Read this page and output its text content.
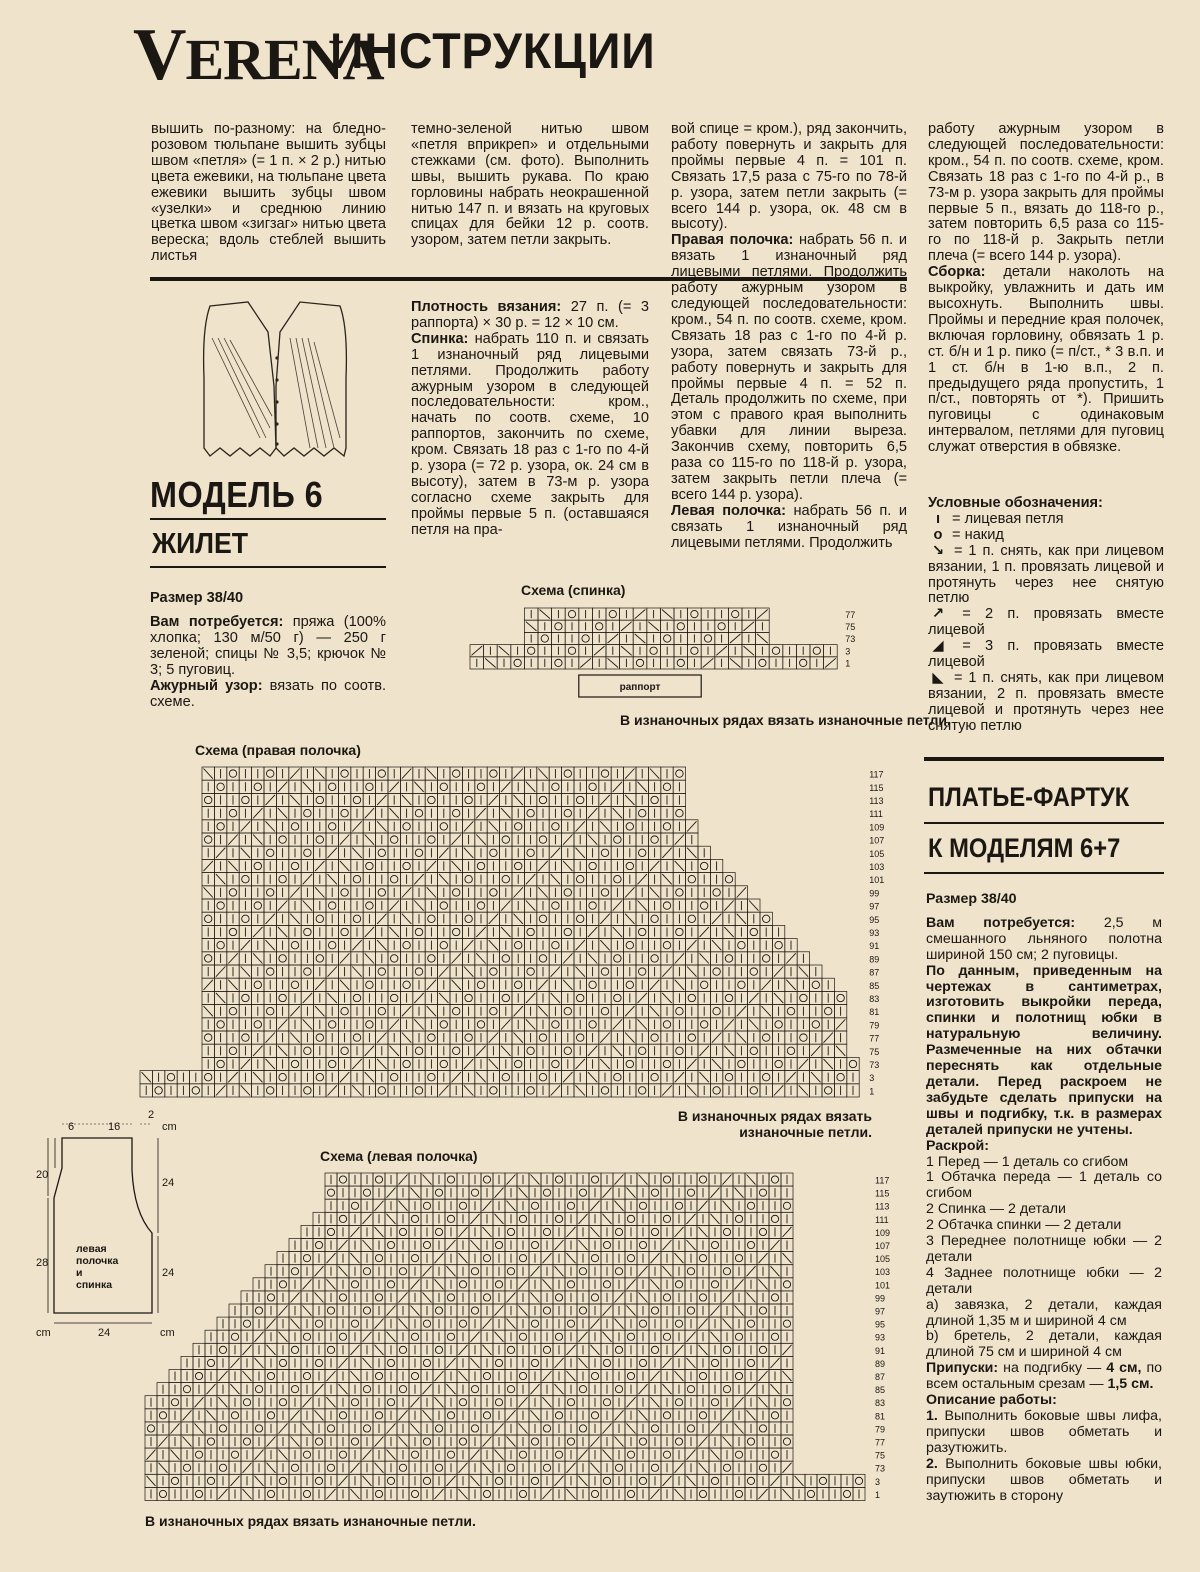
VERENA
ИНСТРУКЦИИ

вышить по-разному: на бледно-розовом тюльпане вышить зубцы швом «петля» (= 1 п. × 2 р.) нитью цвета ежевики, на тюльпане цвета ежевики вышить зубцы швом «узелки» и среднюю линию цветка швом «зигзаг» нитью цвета вереска; вдоль стеблей вышить листья

темно-зеленой нитью швом «петля вприкреп» и отдельными стежками (см. фото). Выполнить швы, вышить рукава. По краю горловины набрать неокрашенной нитью 147 п. и вязать на круговых спицах для бейки 12 р. соотв. узором, затем петли закрыть.

Плотность вязания: 27 п. (= 3 раппорта) × 30 р. = 12 × 10 см.

Спинка: набрать 110 п. и связать 1 изнаночный ряд лицевыми петлями. Продолжить работу ажурным узором в следующей последовательности: кром., начать по соотв. схеме, 10 раппортов, закончить по схеме, кром. Связать 18 раз с 1-го по 4-й р. узора (= 72 р. узора, ок. 24 см в высоту), затем в 73-м р. узора согласно схеме закрыть для проймы первые 5 п. (оставшаяся петля на пра-

вой спице = кром.), ряд закончить, работу повернуть и закрыть для проймы первые 4 п. = 101 п. Связать 17,5 раза с 75-го по 78-й р. узора, затем петли закрыть (= всего 144 р. узора, ок. 48 см в высоту).

Правая полочка: набрать 56 п. и вязать 1 изнаночный ряд лицевыми петлями. Продолжить работу ажурным узором в следующей последовательности: кром., 54 п. по соотв. схеме, кром. Связать 18 раз с 1-го по 4-й р. узора, затем связать 73-й р., работу повернуть и закрыть для проймы первые 4 п. = 52 п. Деталь продолжить по схеме, при этом с правого края выполнить убавки для линии выреза. Закончив схему, повторить 6,5 раза со 115-го по 118-й р. узора, затем закрыть петли плеча (= всего 144 р. узора).

Левая полочка: набрать 56 п. и связать 1 изнаночный ряд лицевыми петлями. Продолжить

работу ажурным узором в следующей последовательности: кром., 54 п. по соотв. схеме, кром. Связать 18 раз с 1-го по 4-й р., в 73-м р. узора закрыть для проймы первые 5 п., вязать до 118-го р., затем повторить 6,5 раза со 115-го по 118-й р. Закрыть петли плеча (= всего 144 р. узора).

Сборка: детали наколоть на выкройку, увлажнить и дать им высохнуть. Выполнить швы. Проймы и передние края полочек, включая горловину, обвязать 1 р. ст. б/н и 1 р. пико (= п/ст., * 3 в.п. и 1 ст. б/н в 1-ю в.п., 2 п. предыдущего ряда пропустить, 1 п/ст., повторять от *). Пришить пуговицы с одинаковым интервалом, петлями для пуговиц служат отверстия в обвязке.

Условные обозначения:

ı = лицевая петля

o = накид

↘ = 1 п. снять, как при лицевом вязании, 1 п. провязать лицевой и протянуть через нее снятую петлю

↗ = 2 п. провязать вместе лицевой

◢ = 3 п. провязать вместе лицевой

◣ = 1 п. снять, как при лицевом вязании, 2 п. провязать вместе лицевой и протянуть через нее снятую петлю

МОДЕЛЬ 6
ЖИЛЕТ

Размер 38/40

Вам потребуется: пряжа (100% хлопка; 130 м/50 г) — 250 г зеленой; спицы № 3,5; крючок № 3; 5 пуговиц.

Ажурный узор: вязать по соотв. схеме.

ПЛАТЬЕ-ФАРТУК
К МОДЕЛЯМ 6+7

Размер 38/40

Вам потребуется: 2,5 м смешанного льняного полотна шириной 150 см; 2 пуговицы.

По данным, приведенным на чертежах в сантиметрах, изготовить выкройки переда, спинки и полотнищ юбки в натуральную величину. Размеченные на них обтачки переснять как отдельные детали. Перед раскроем не забудьте сделать припуски на швы и подгибку, т.к. в размерах деталей припуски не учтены.

Раскрой:

1 Перед — 1 деталь со сгибом

1 Обтачка переда — 1 деталь со сгибом

2 Спинка — 2 детали

2 Обтачка спинки — 2 детали

3 Переднее полотнище юбки — 2 детали

4 Заднее полотнище юбки — 2 детали

a) завязка, 2 детали, каждая длиной 1,35 м и шириной 4 см

b) бретель, 2 детали, каждая длиной 75 см и шириной 4 см

Припуски: на подгибку — 4 см, по всем остальным срезам — 1,5 см.

Описание работы:

1. Выполнить боковые швы лифа, припуски швов обметать и разутюжить.

2. Выполнить боковые швы юбки, припуски швов обметать и заутюжить в сторону

Схема (спинка)
Схема (правая полочка)
Схема (левая полочка)
В изнаночных рядах вязать изнаночные петли.
В изнаночных рядах вязать изнаночные петли.
В изнаночных рядах вязать изнаночные петли.
77
75
73
3
1
раппорт
117
115
113
111
109
107
105
103
101
99
97
95
93
91
89
87
85
83
81
79
77
75
73
3
1
117
115
113
111
109
107
105
103
101
99
97
95
93
91
89
87
85
83
81
79
77
75
73
3
1
6	16
2
cm
20
28
24
24
cm	24	cm
левая
полочка
и
спинка
